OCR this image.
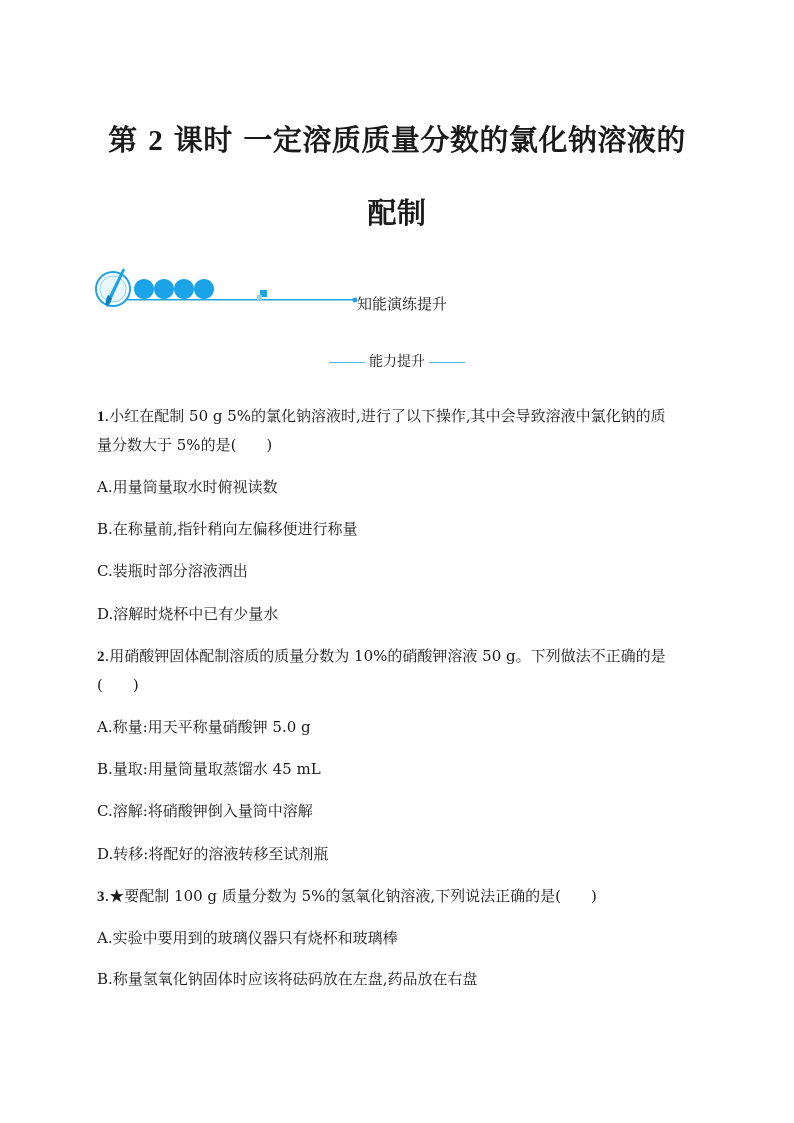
第 2 课时 一定溶质质量分数的氯化钠溶液的
配制
知能演练提升
能力提升
1.小红在配制 50 g 5%的氯化钠溶液时,进行了以下操作,其中会导致溶液中氯化钠的质
量分数大于 5%的是(　　)
A.用量筒量取水时俯视读数
B.在称量前,指针稍向左偏移便进行称量
C.装瓶时部分溶液洒出
D.溶解时烧杯中已有少量水
2.用硝酸钾固体配制溶质的质量分数为 10%的硝酸钾溶液 50 g。下列做法不正确的是
(　　)
A.称量:用天平称量硝酸钾 5.0 g
B.量取:用量筒量取蒸馏水 45 mL
C.溶解:将硝酸钾倒入量筒中溶解
D.转移:将配好的溶液转移至试剂瓶
3.★要配制 100 g 质量分数为 5%的氢氧化钠溶液,下列说法正确的是(　　)
A.实验中要用到的玻璃仪器只有烧杯和玻璃棒
B.称量氢氧化钠固体时应该将砝码放在左盘,药品放在右盘
